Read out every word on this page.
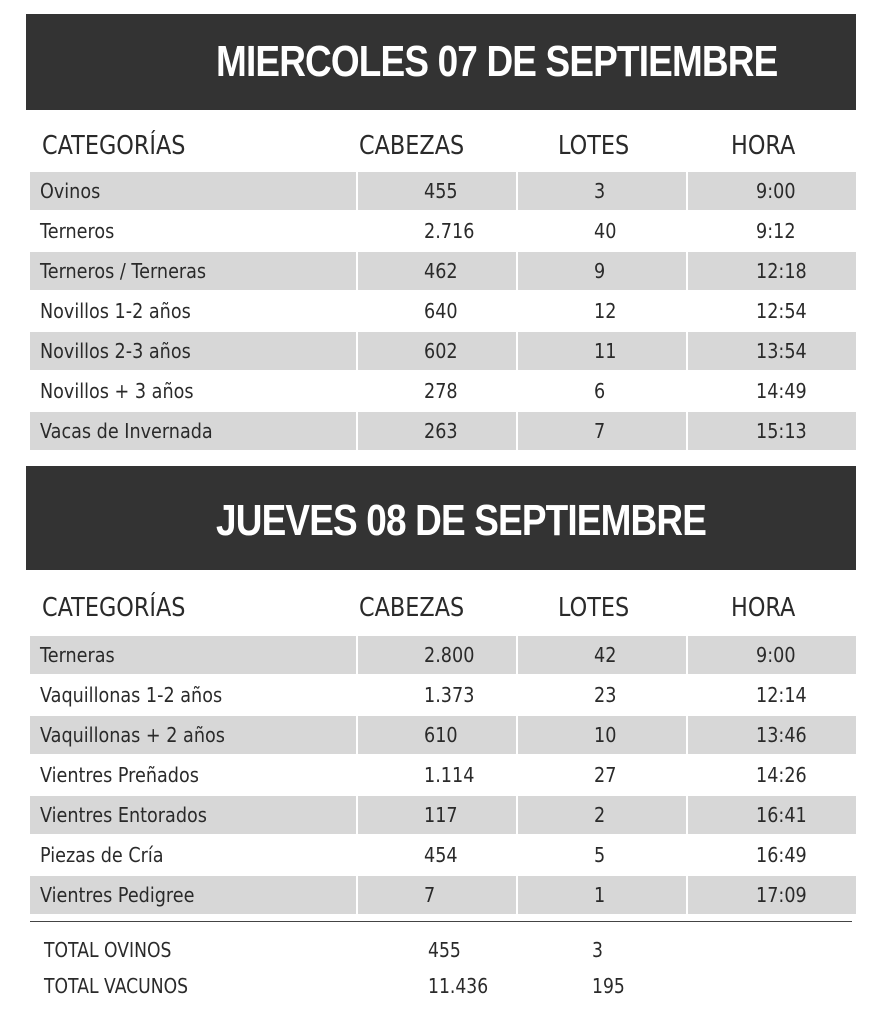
MIERCOLES 07 DE SEPTIEMBRE
CATEGORÍAS	CABEZAS	LOTES	HORA
Ovinos	455	3	9:00
Terneros	2.716	40	9:12
Terneros / Terneras	462	9	12:18
Novillos 1-2 años	640	12	12:54
Novillos 2-3 años	602	11	13:54
Novillos + 3 años	278	6	14:49
Vacas de Invernada	263	7	15:13
JUEVES 08 DE SEPTIEMBRE
CATEGORÍAS	CABEZAS	LOTES	HORA
Terneras	2.800	42	9:00
Vaquillonas 1-2 años	1.373	23	12:14
Vaquillonas + 2 años	610	10	13:46
Vientres Preñados	1.114	27	14:26
Vientres Entorados	117	2	16:41
Piezas de Cría	454	5	16:49
Vientres Pedigree	7	1	17:09
TOTAL OVINOS	455	3
TOTAL VACUNOS	11.436	195
